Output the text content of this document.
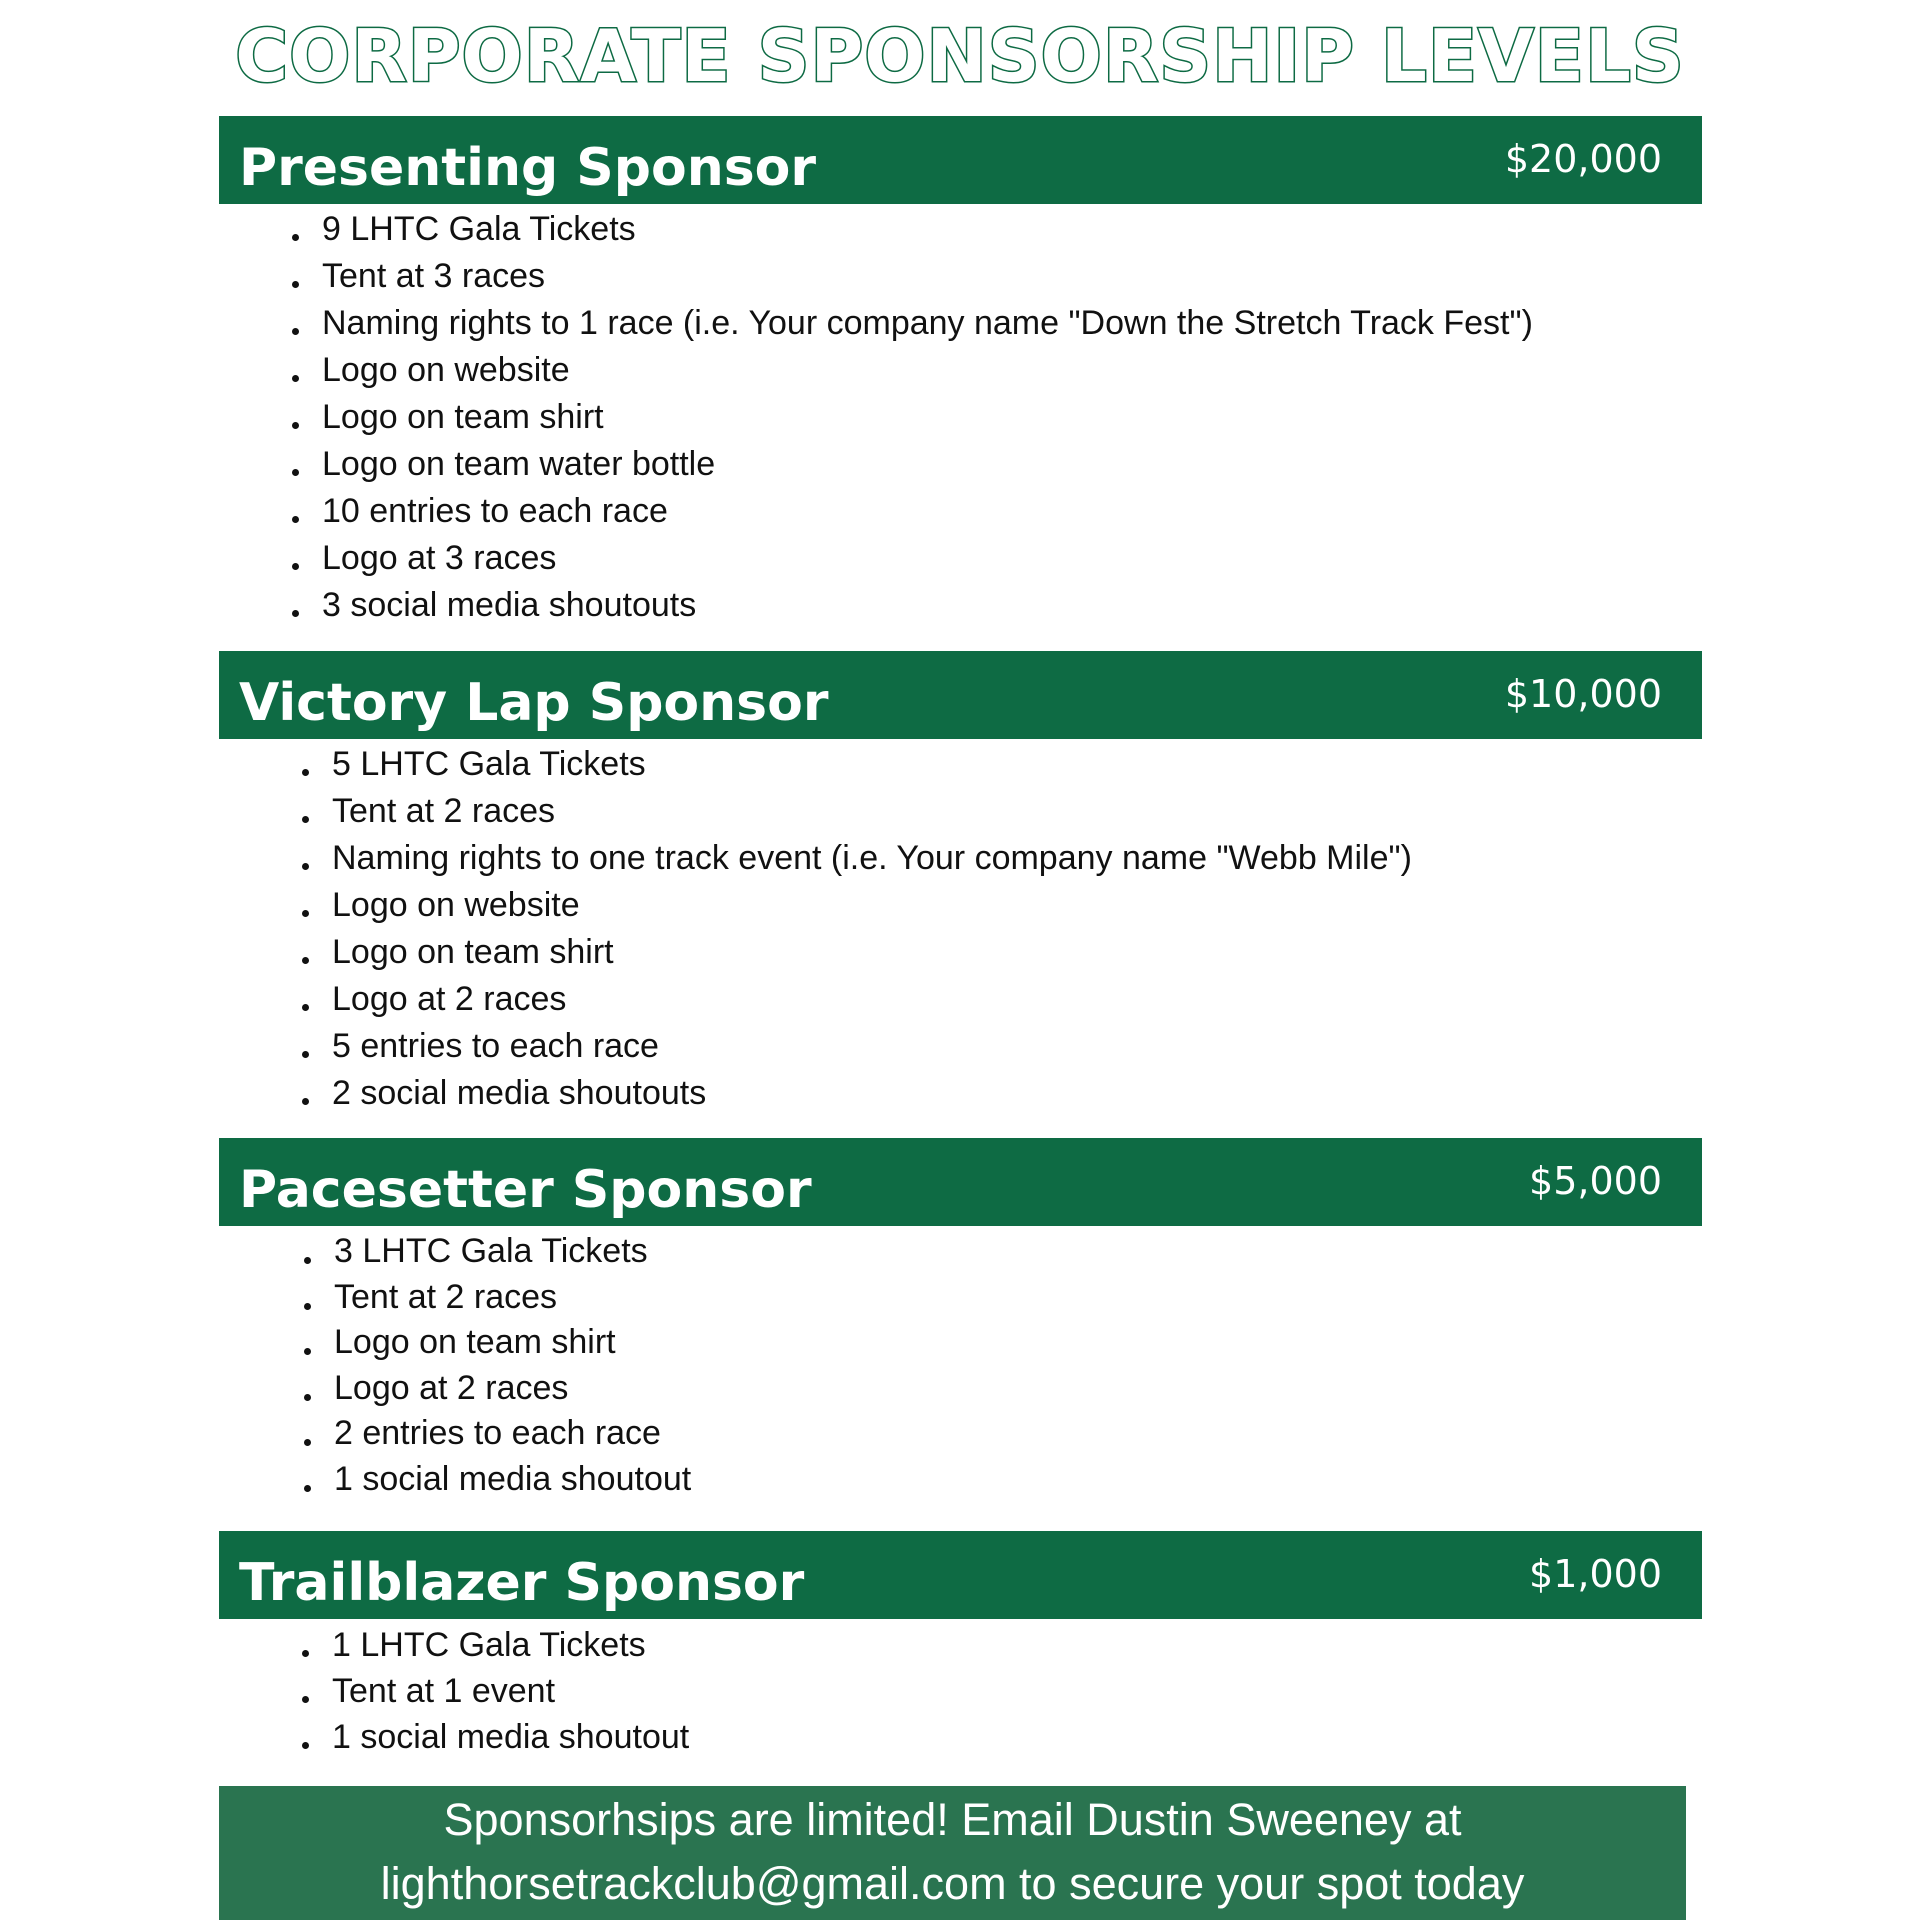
CORPORATE SPONSORSHIP LEVELS
Presenting Sponsor	$20,000
9 LHTC Gala Tickets
Tent at 3 races
Naming rights to 1 race (i.e. Your company name "Down the Stretch Track Fest")
Logo on website
Logo on team shirt
Logo on team water bottle
10 entries to each race
Logo at 3 races
3 social media shoutouts
Victory Lap Sponsor	$10,000
5 LHTC Gala Tickets
Tent at 2 races
Naming rights to one track event (i.e. Your company name "Webb Mile")
Logo on website
Logo on team shirt
Logo at 2 races
5 entries to each race
2 social media shoutouts
Pacesetter Sponsor	$5,000
3 LHTC Gala Tickets
Tent at 2 races
Logo on team shirt
Logo at 2 races
2 entries to each race
1 social media shoutout
Trailblazer Sponsor	$1,000
1 LHTC Gala Tickets
Tent at 1 event
1 social media shoutout
Sponsorhsips are limited! Email Dustin Sweeney at
lighthorsetrackclub@gmail.com to secure your spot today
